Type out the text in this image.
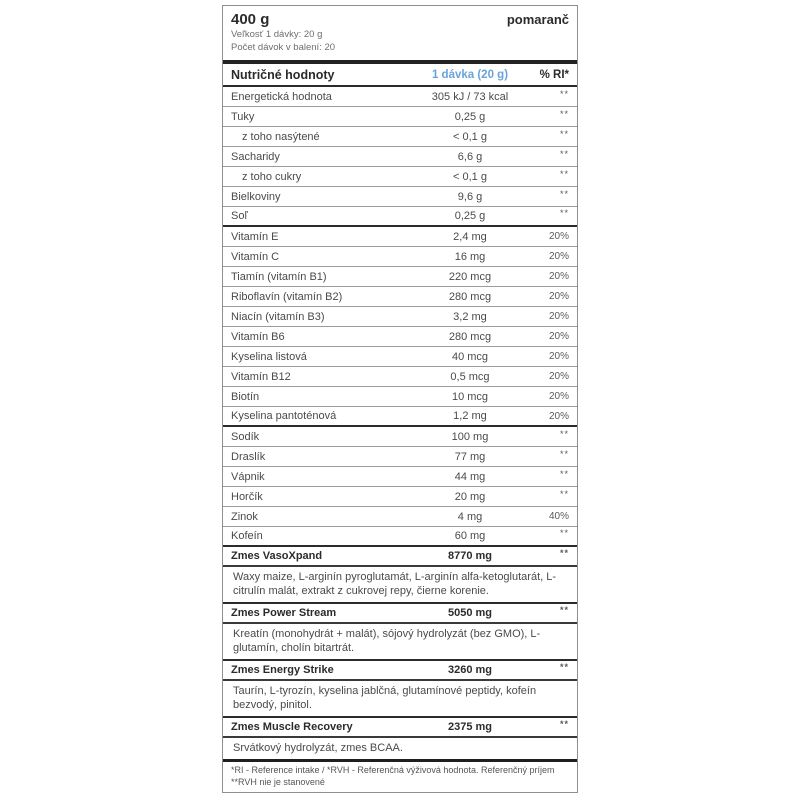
400 g	pomaranč
Veľkosť 1 dávky: 20 g
Počet dávok v balení: 20
Nutričné hodnoty	1 dávka (20 g)	% RI*
Energetická hodnota	305 kJ / 73 kcal	**
Tuky	0,25 g	**
z toho nasýtené	< 0,1 g	**
Sacharidy	6,6 g	**
z toho cukry	< 0,1 g	**
Bielkoviny	9,6 g	**
Soľ	0,25 g	**
Vitamín E	2,4 mg	20%
Vitamín C	16 mg	20%
Tiamín (vitamín B1)	220 mcg	20%
Riboflavín (vitamín B2)	280 mcg	20%
Niacín (vitamín B3)	3,2 mg	20%
Vitamín B6	280 mcg	20%
Kyselina listová	40 mcg	20%
Vitamín B12	0,5 mcg	20%
Biotín	10 mcg	20%
Kyselina pantoténová	1,2 mg	20%
Sodík	100 mg	**
Draslík	77 mg	**
Vápnik	44 mg	**
Horčík	20 mg	**
Zinok	4 mg	40%
Kofeín	60 mg	**
Zmes VasoXpand	8770 mg	**
Waxy maize, L-arginín pyroglutamát, L-arginín alfa-ketoglutarát, L-citrulín malát, extrakt z cukrovej repy, čierne korenie.
Zmes Power Stream	5050 mg	**
Kreatín (monohydrát + malát), sójový hydrolyzát (bez GMO), L-glutamín, cholín bitartrát.
Zmes Energy Strike	3260 mg	**
Taurín, L-tyrozín, kyselina jablčná, glutamínové peptidy, kofeín bezvodý, pinitol.
Zmes Muscle Recovery	2375 mg	**
Srvátkový hydrolyzát, zmes BCAA.
*RI - Reference intake / *RVH - Referenčná výživová hodnota. Referenčný príjem
**RVH nie je stanovené
